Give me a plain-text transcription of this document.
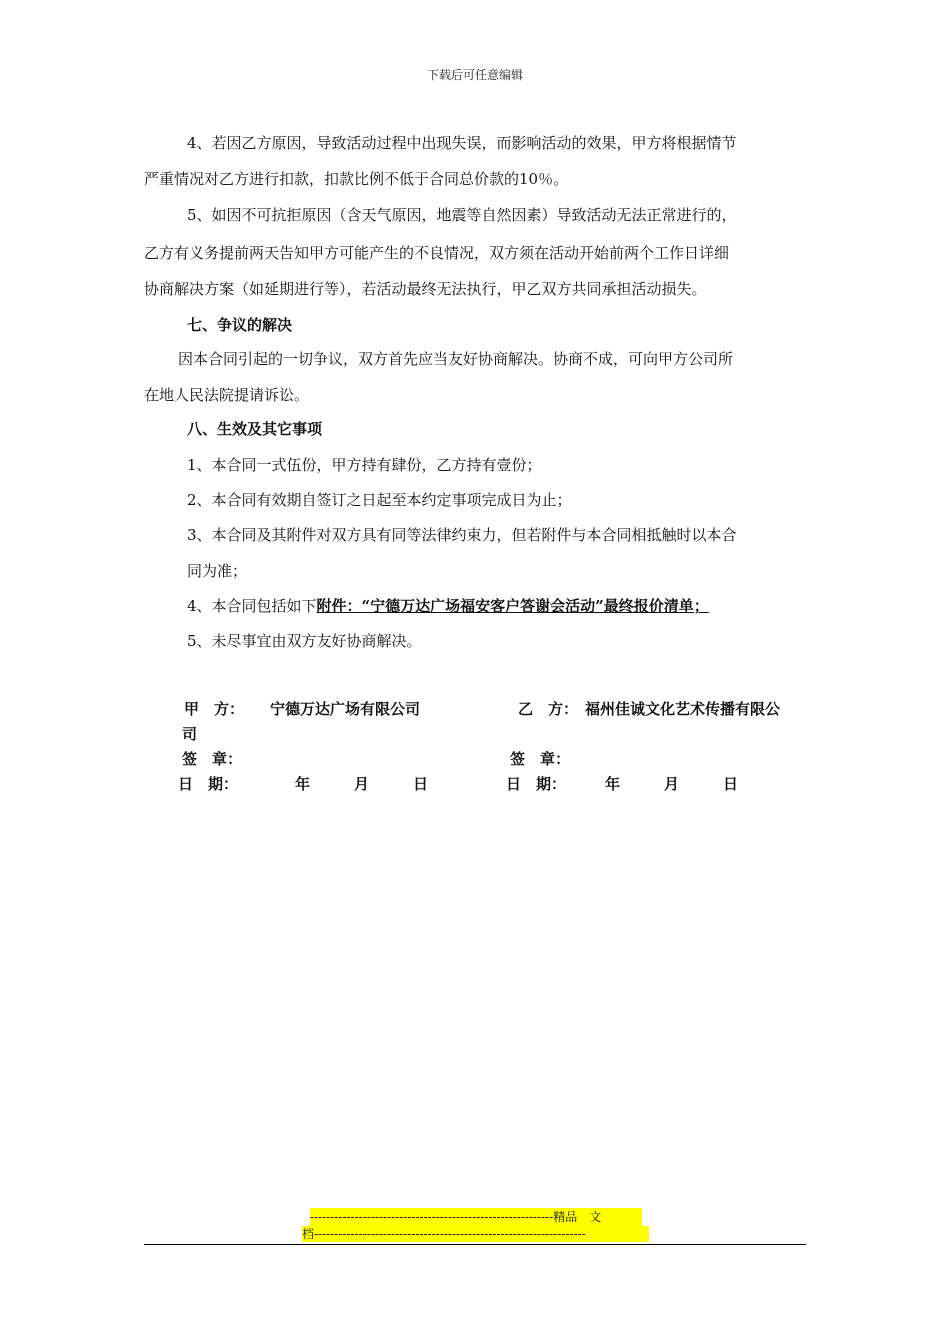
下载后可任意编辑
4、若因乙方原因，导致活动过程中出现失误，而影响活动的效果，甲方将根据情节
严重情况对乙方进行扣款，扣款比例不低于合同总价款的10％。
5、如因不可抗拒原因（含天气原因，地震等自然因素）导致活动无法正常进行的，
乙方有义务提前两天告知甲方可能产生的不良情况，双方须在活动开始前两个工作日详细
协商解决方案（如延期进行等），若活动最终无法执行，甲乙双方共同承担活动损失。
七、争议的解决
因本合同引起的一切争议，双方首先应当友好协商解决。协商不成，可向甲方公司所
在地人民法院提请诉讼。
八、生效及其它事项
1、本合同一式伍份，甲方持有肆份，乙方持有壹份；
2、本合同有效期自签订之日起至本约定事项完成日为止；
3、本合同及其附件对双方具有同等法律约束力，但若附件与本合同相抵触时以本合
同为准；
4、本合同包括如下附件：“宁德万达广场福安客户答谢会活动”最终报价清单；
5、未尽事宜由双方友好协商解决。
甲　方： 宁德万达广场有限公司	乙　方： 福州佳诚文化艺术传播有限公
司
签　章：	签　章：
日　期：	年	月	日	日　期：	年	月	日
------------------------------------------------------------精品　文
档-------------------------------------------------------------------
